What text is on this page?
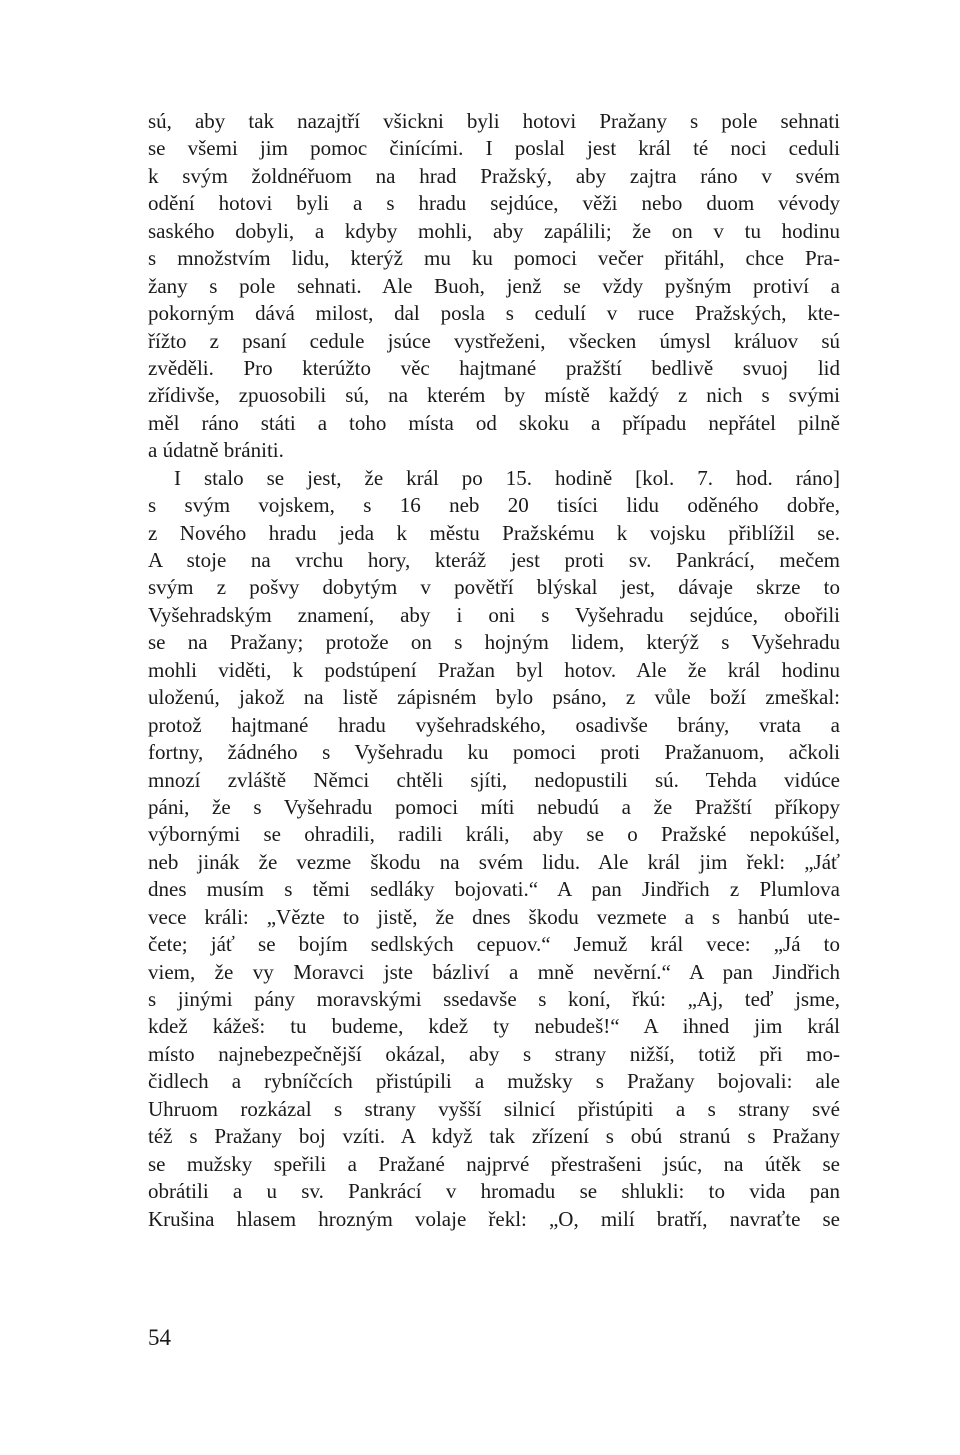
sú, aby tak nazajtří všickni byli hotovi Pražany s pole sehnati
se všemi jim pomoc činícími. I poslal jest král té noci ceduli
k svým žoldnéřuom na hrad Pražský, aby zajtra ráno v svém
odění hotovi byli a s hradu sejdúce, věži nebo duom vévody
saského dobyli, a kdyby mohli, aby zapálili; že on v tu hodinu
s množstvím lidu, kterýž mu ku pomoci večer přitáhl, chce Pra-
žany s pole sehnati. Ale Buoh, jenž se vždy pyšným protiví a
pokorným dává milost, dal posla s cedulí v ruce Pražských, kte-
řížto z psaní cedule jsúce vystřeženi, všecken úmysl králuov sú
zvěděli. Pro kterúžto věc hajtmané pražští bedlivě svuoj lid
zřídivše, zpuosobili sú, na kterém by místě každý z nich s svými
měl ráno státi a toho místa od skoku a případu nepřátel pilně
a údatně brániti.
I stalo se jest, že král po 15. hodině [kol. 7. hod. ráno]
s svým vojskem, s 16 neb 20 tisíci lidu oděného dobře,
z Nového hradu jeda k městu Pražskému k vojsku přiblížil se.
A stoje na vrchu hory, kteráž jest proti sv. Pankrácí, mečem
svým z pošvy dobytým v povětří blýskal jest, dávaje skrze to
Vyšehradským znamení, aby i oni s Vyšehradu sejdúce, obořili
se na Pražany; protože on s hojným lidem, kterýž s Vyšehradu
mohli viděti, k podstúpení Pražan byl hotov. Ale že král hodinu
uloženú, jakož na listě zápisném bylo psáno, z vůle boží zmeškal:
protož hajtmané hradu vyšehradského, osadivše brány, vrata a
fortny, žádného s Vyšehradu ku pomoci proti Pražanuom, ačkoli
mnozí zvláště Němci chtěli sjíti, nedopustili sú. Tehda vidúce
páni, že s Vyšehradu pomoci míti nebudú a že Pražští příkopy
výbornými se ohradili, radili králi, aby se o Pražské nepokúšel,
neb jinák že vezme škodu na svém lidu. Ale král jim řekl: „Jáť
dnes musím s těmi sedláky bojovati.“ A pan Jindřich z Plumlova
vece králi: „Vězte to jistě, že dnes škodu vezmete a s hanbú ute-
čete; jáť se bojím sedlských cepuov.“ Jemuž král vece: „Já to
viem, že vy Moravci jste bázliví a mně nevěrní.“ A pan Jindřich
s jinými pány moravskými ssedavše s koní, řkú: „Aj, teď jsme,
kdež kážeš: tu budeme, kdež ty nebudeš!“ A ihned jim král
místo najnebezpečnější okázal, aby s strany nižší, totiž při mo-
čidlech a rybníčcích přistúpili a mužsky s Pražany bojovali: ale
Uhruom rozkázal s strany vyšší silnicí přistúpiti a s strany své
též s Pražany boj vzíti. A když tak zřízení s obú stranú s Pražany
se mužsky speřili a Pražané najprvé přestrašeni jsúc, na útěk se
obrátili a u sv. Pankrácí v hromadu se shlukli: to vida pan
Krušina hlasem hrozným volaje řekl: „O, milí bratří, navraťte se
54
